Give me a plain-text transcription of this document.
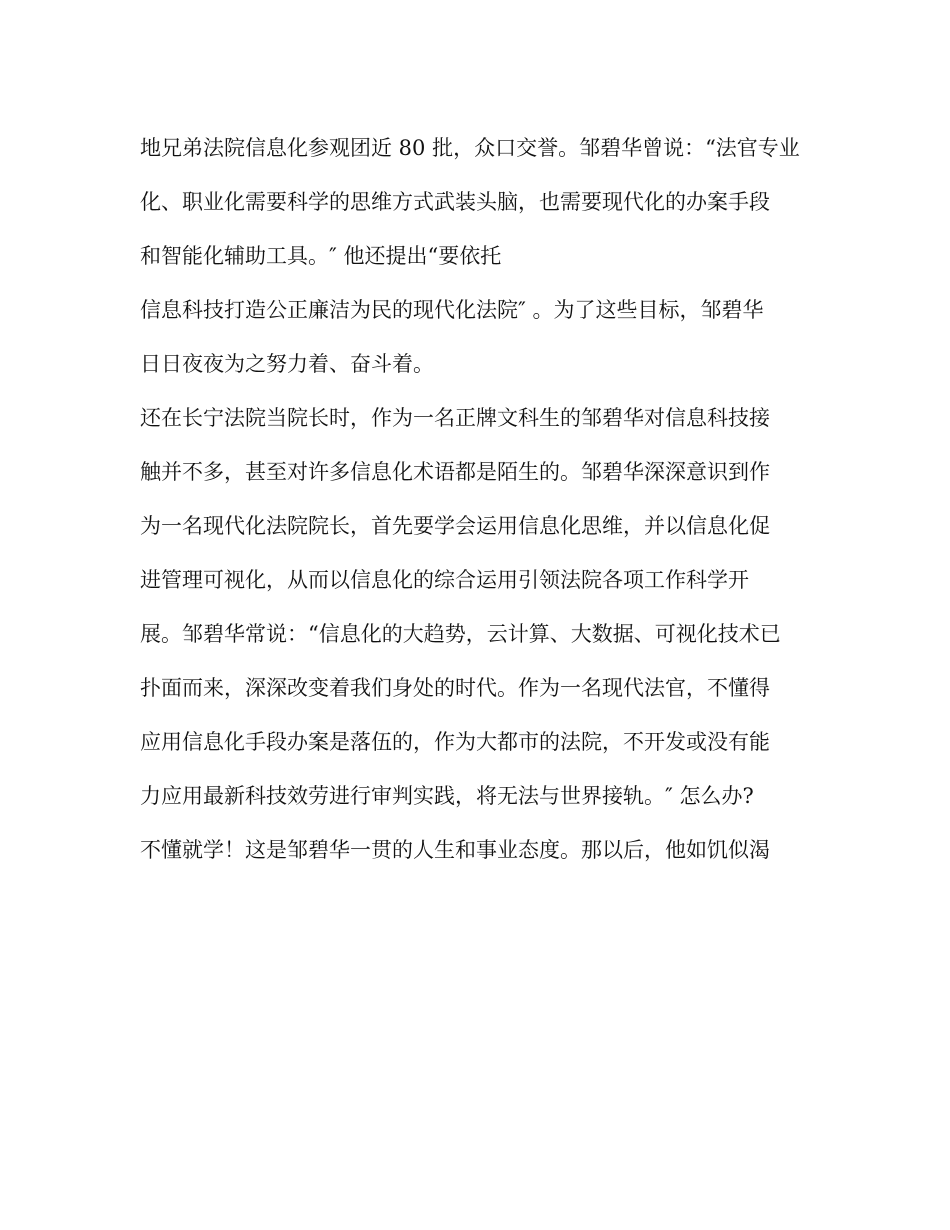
地兄弟法院信息化参观团近 80 批，众口交誉。邹碧华曾说：“法官专业
化、职业化需要科学的思维方式武装头脑，也需要现代化的办案手段
和智能化辅助工具。″ 他还提出“要依托
信息科技打造公正廉洁为民的现代化法院″ 。为了这些目标，邹碧华
日日夜夜为之努力着、奋斗着。
还在长宁法院当院长时，作为一名正牌文科生的邹碧华对信息科技接
触并不多，甚至对许多信息化术语都是陌生的。邹碧华深深意识到作
为一名现代化法院院长，首先要学会运用信息化思维，并以信息化促
进管理可视化，从而以信息化的综合运用引领法院各项工作科学开
展。邹碧华常说：“信息化的大趋势，云计算、大数据、可视化技术已
扑面而来，深深改变着我们身处的时代。作为一名现代法官，不懂得
应用信息化手段办案是落伍的，作为大都市的法院，不开发或没有能
力应用最新科技效劳进行审判实践，将无法与世界接轨。″ 怎么办?
不懂就学！这是邹碧华一贯的人生和事业态度。那以后，他如饥似渴
